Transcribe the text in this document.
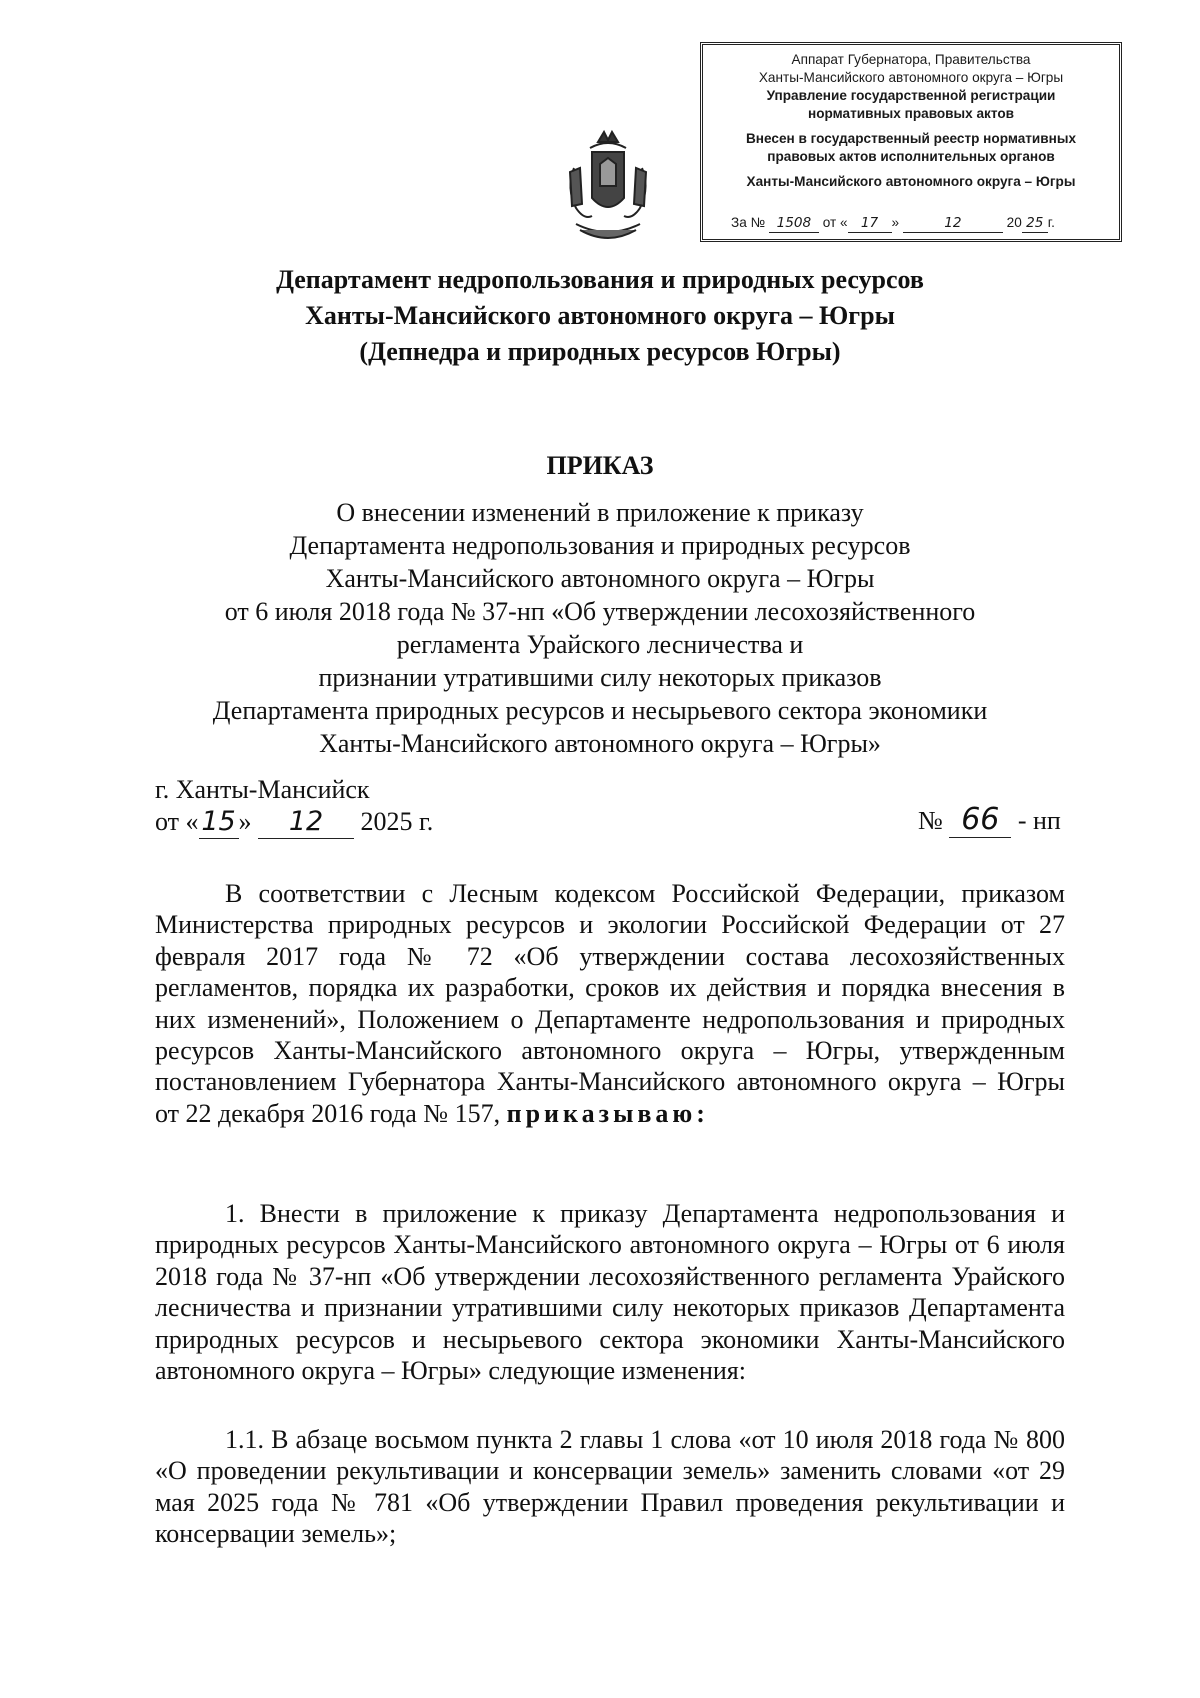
Аппарат Губернатора, Правительства
Ханты-Мансийского автономного округа – Югры
Управление государственной регистрации
нормативных правовых актов
Внесен в государственный реестр нормативных
правовых актов исполнительных органов
Ханты-Мансийского автономного округа – Югры
За № 1508 от « 17 »	12	20 25 г.
Департамент недропользования и природных ресурсов
Ханты-Мансийского автономного округа – Югры
(Депнедра и природных ресурсов Югры)
ПРИКАЗ
О внесении изменений в приложение к приказу
Департамента недропользования и природных ресурсов
Ханты-Мансийского автономного округа – Югры
от 6 июля 2018 года № 37-нп «Об утверждении лесохозяйственного
регламента Урайского лесничества и
признании утратившими силу некоторых приказов
Департамента природных ресурсов и несырьевого сектора экономики
Ханты-Мансийского автономного округа – Югры»
г. Ханты-Мансийск
от « 15 » 12 2025 г.	№ 66 - нп
В соответствии с Лесным кодексом Российской Федерации, приказом Министерства природных ресурсов и экологии Российской Федерации от 27 февраля 2017 года № 72 «Об утверждении состава лесохозяйственных регламентов, порядка их разработки, сроков их действия и порядка внесения в них изменений», Положением о Департаменте недропользования и природных ресурсов Ханты-Мансийского автономного округа – Югры, утвержденным постановлением Губернатора Ханты-Мансийского автономного округа – Югры от 22 декабря 2016 года № 157, приказываю:
1. Внести в приложение к приказу Департамента недропользования и природных ресурсов Ханты-Мансийского автономного округа – Югры от 6 июля 2018 года № 37-нп «Об утверждении лесохозяйственного регламента Урайского лесничества и признании утратившими силу некоторых приказов Департамента природных ресурсов и несырьевого сектора экономики Ханты-Мансийского автономного округа – Югры» следующие изменения:
1.1. В абзаце восьмом пункта 2 главы 1 слова «от 10 июля 2018 года № 800 «О проведении рекультивации и консервации земель» заменить словами «от 29 мая 2025 года № 781 «Об утверждении Правил проведения рекультивации и консервации земель»;
